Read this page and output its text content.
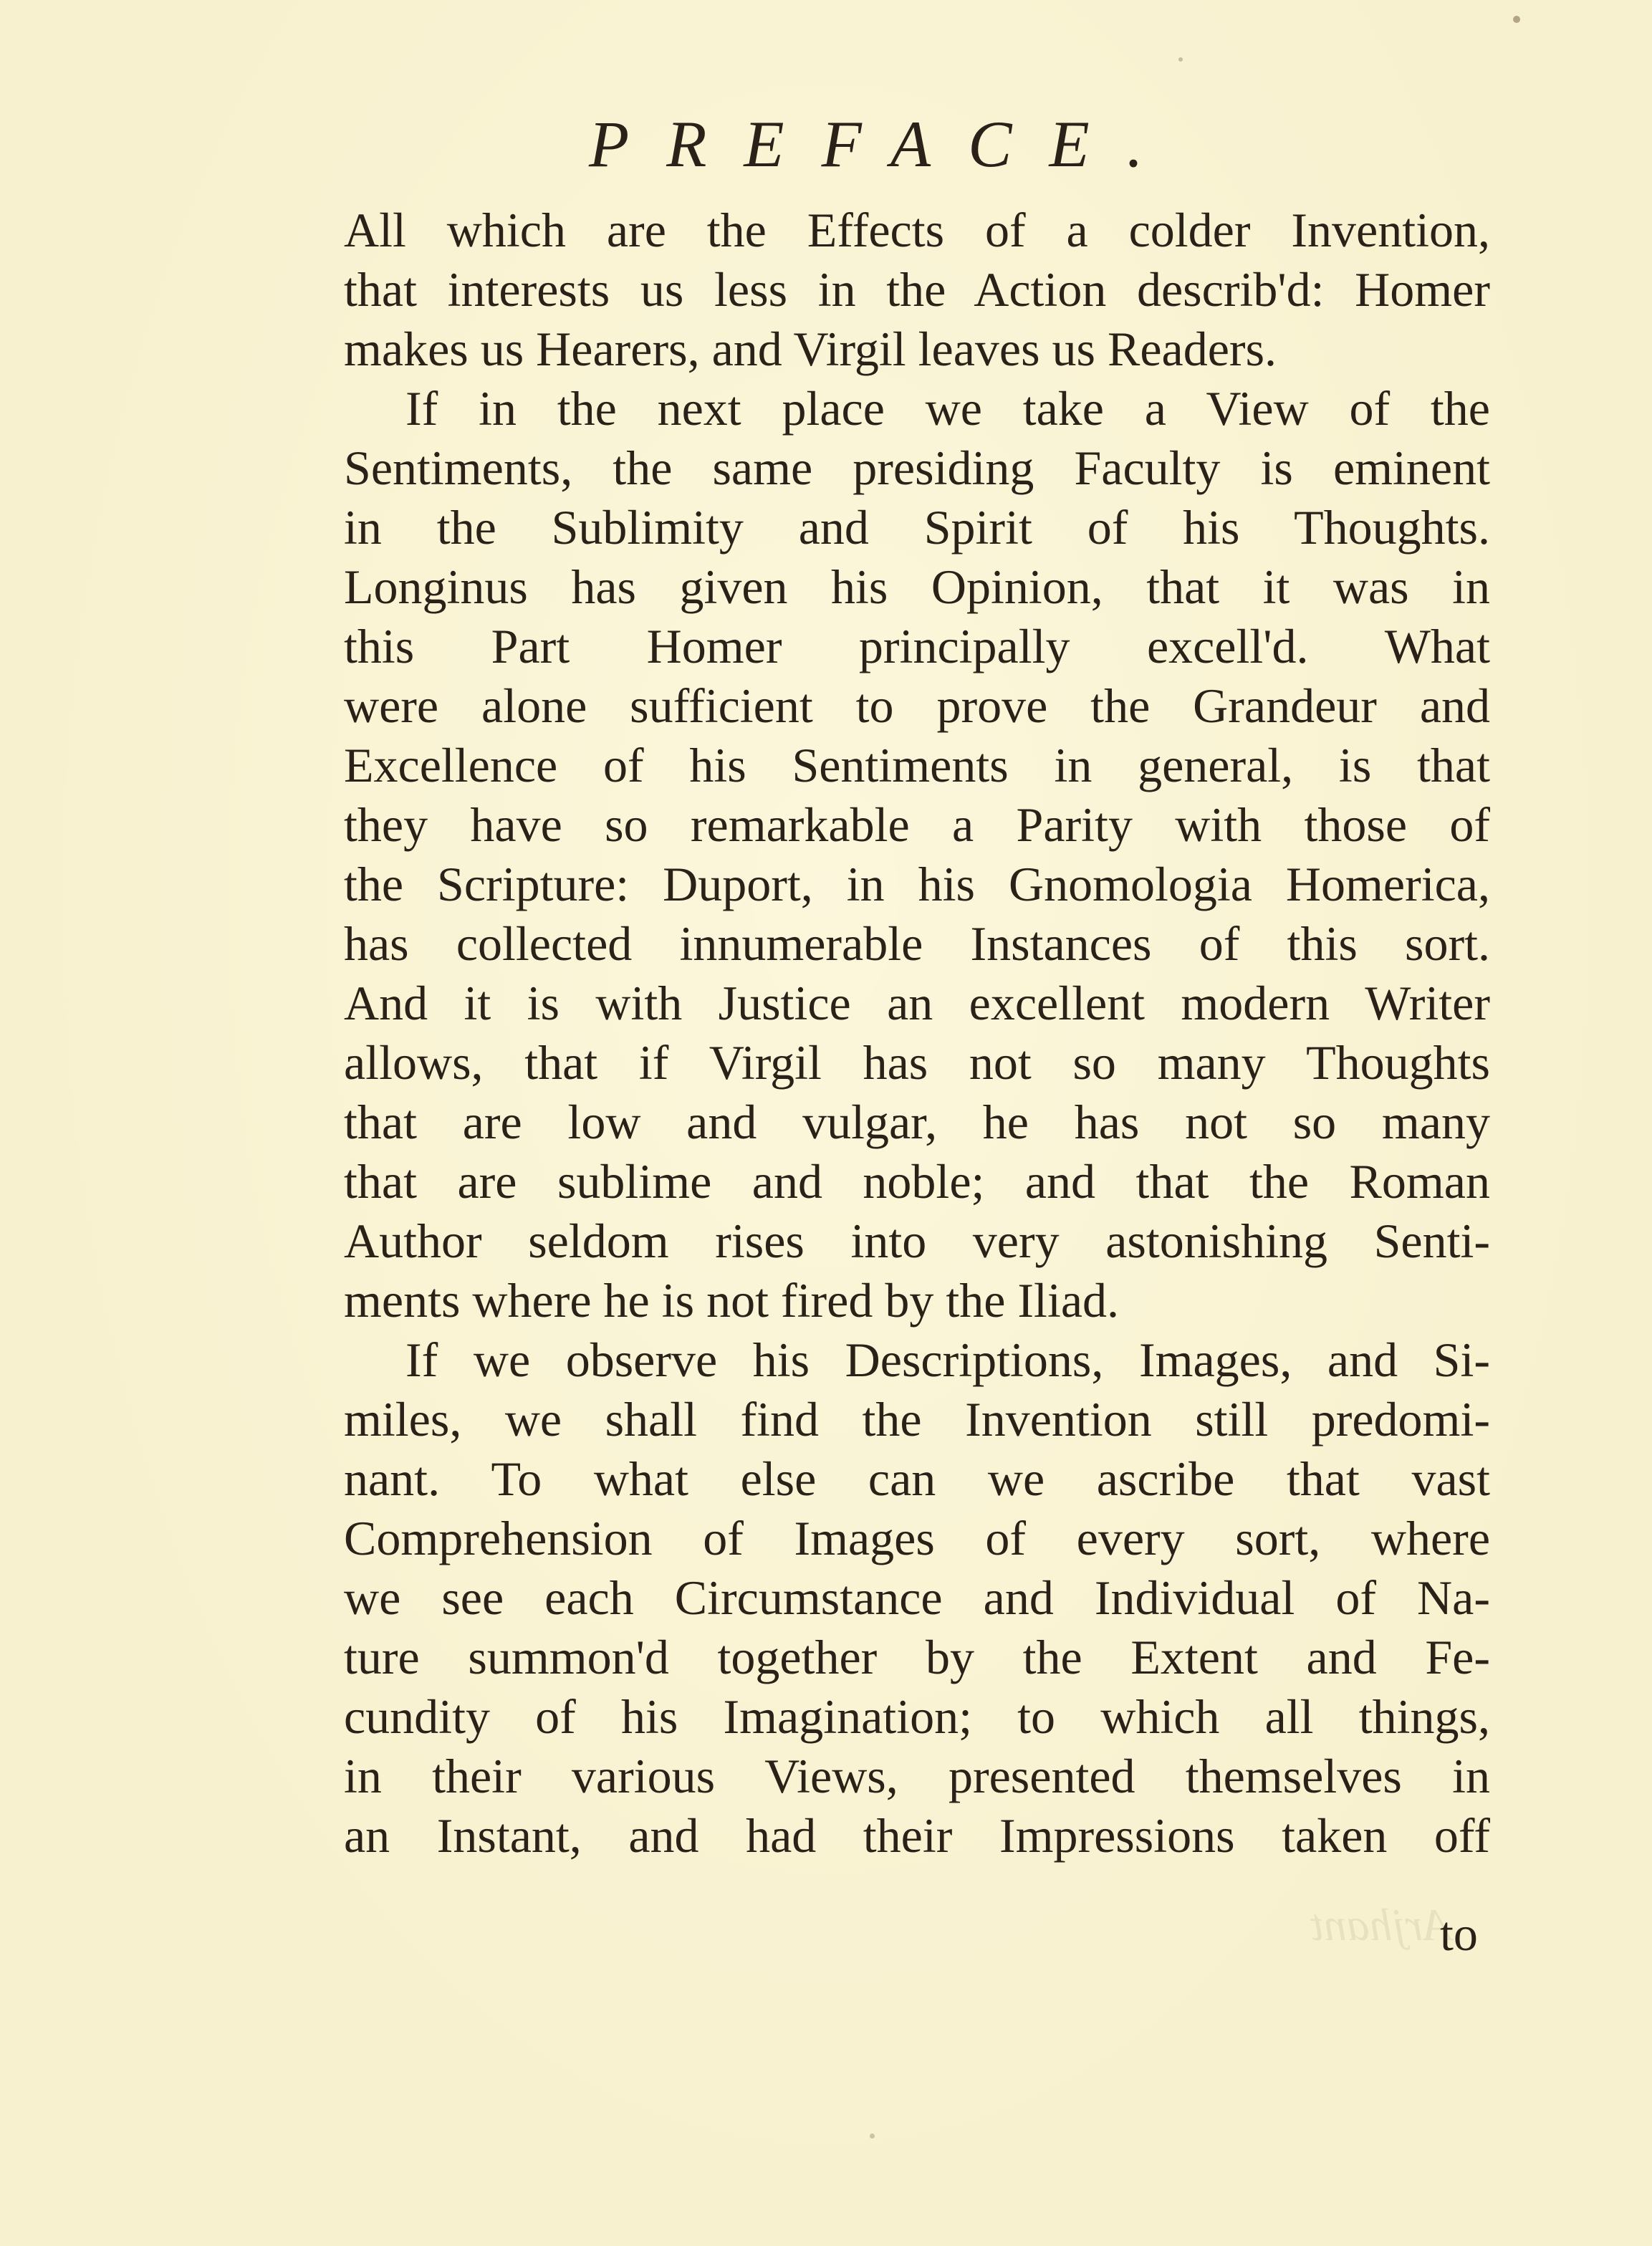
PREFACE.
All which are the Effects of a colder Invention,
that interests us less in the Action describ'd: Homer
makes us Hearers, and Virgil leaves us Readers.
If in the next place we take a View of the
Sentiments, the same presiding Faculty is eminent
in the Sublimity and Spirit of his Thoughts.
Longinus has given his Opinion, that it was in
this Part Homer principally excell'd. What
were alone sufficient to prove the Grandeur and
Excellence of his Sentiments in general, is that
they have so remarkable a Parity with those of
the Scripture: Duport, in his Gnomologia Homerica,
has collected innumerable Instances of this sort.
And it is with Justice an excellent modern Writer
allows, that if Virgil has not so many Thoughts
that are low and vulgar, he has not so many
that are sublime and noble; and that the Roman
Author seldom rises into very astonishing Senti-
ments where he is not fired by the Iliad.
If we observe his Descriptions, Images, and Si-
miles, we shall find the Invention still predomi-
nant. To what else can we ascribe that vast
Comprehension of Images of every sort, where
we see each Circumstance and Individual of Na-
ture summon'd together by the Extent and Fe-
cundity of his Imagination; to which all things,
in their various Views, presented themselves in
an Instant, and had their Impressions taken off
to
Arjhant
